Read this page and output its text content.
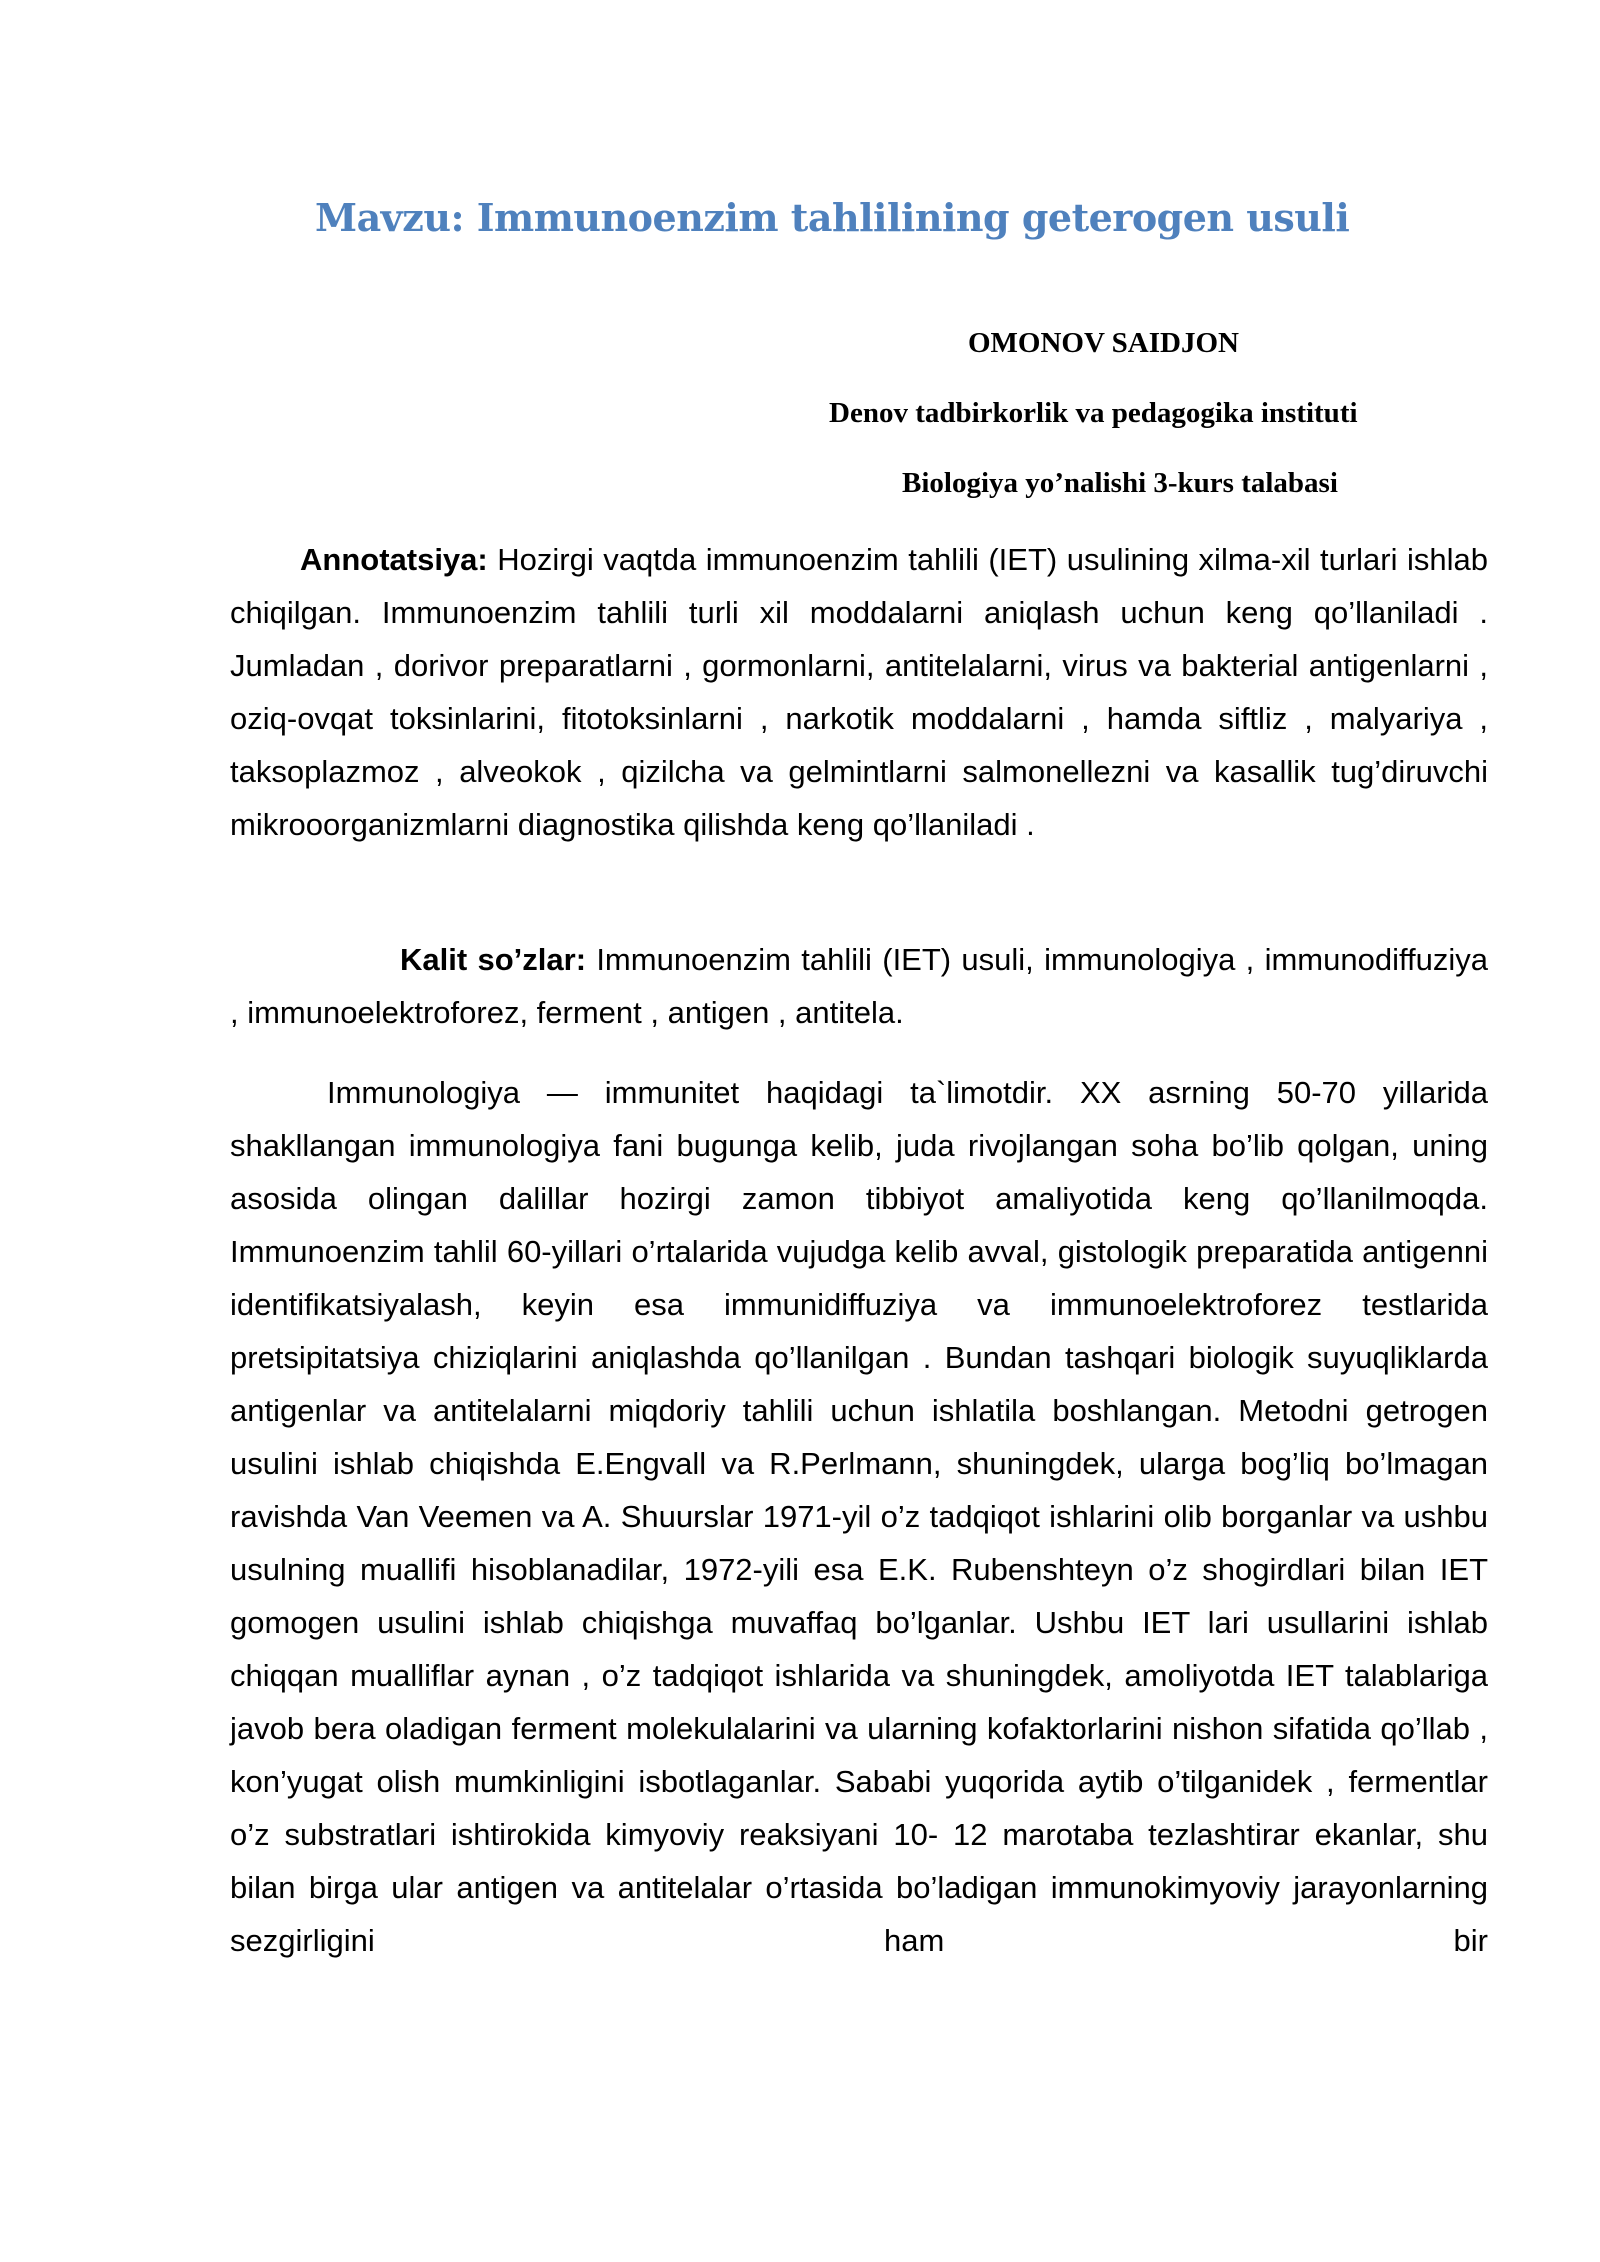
Mavzu: Immunoenzim tahlilining geterogen usuli
OMONOV SAIDJON
Denov tadbirkorlik va pedagogika instituti
Biologiya yo’nalishi 3-kurs talabasi

Annotatsiya: Hozirgi vaqtda immunoenzim tahlili (IET) usulining xilma-xil turlari ishlab chiqilgan. Immunoenzim tahlili turli xil moddalarni aniqlash uchun keng qo’llaniladi . Jumladan , dorivor preparatlarni , gormonlarni, antitelalarni, virus va bakterial antigenlarni , oziq-ovqat toksinlarini, fitotoksinlarni , narkotik moddalarni , hamda siftliz , malyariya , taksoplazmoz , alveokok , qizilcha va gelmintlarni salmonellezni va kasallik tug’diruvchi mikrooorganizmlarni diagnostika qilishda keng qo’llaniladi .

Kalit so’zlar: Immunoenzim tahlili (IET) usuli, immunologiya , immunodiffuziya , immunoelektroforez, ferment , antigen , antitela.

Immunologiya — immunitet haqidagi ta`limotdir. XX asrning 50-70 yillarida shakllangan immunologiya fani bugunga kelib, juda rivojlangan soha bo’lib qolgan, uning asosida olingan dalillar hozirgi zamon tibbiyot amaliyotida keng qo’llanilmoqda. Immunoenzim tahlil 60-yillari o’rtalarida vujudga kelib avval, gistologik preparatida antigenni identifikatsiyalash, keyin esa immunidiffuziya va immunoelektroforez testlarida pretsipitatsiya chiziqlarini aniqlashda qo’llanilgan . Bundan tashqari biologik suyuqliklarda antigenlar va antitelalarni miqdoriy tahlili uchun ishlatila boshlangan. Metodni getrogen usulini ishlab chiqishda E.Engvall va R.Perlmann, shuningdek, ularga bog’liq bo’lmagan ravishda Van Veemen va A. Shuurslar 1971-yil o’z tadqiqot ishlarini olib borganlar va ushbu usulning muallifi hisoblanadilar, 1972-yili esa E.K. Rubenshteyn o’z shogirdlari bilan IET gomogen usulini ishlab chiqishga muvaffaq bo’lganlar. Ushbu IET lari usullarini ishlab chiqqan mualliflar aynan , o’z tadqiqot ishlarida va shuningdek, amoliyotda IET talablariga javob bera oladigan ferment molekulalarini va ularning kofaktorlarini nishon sifatida qo’llab , kon’yugat olish mumkinligini isbotlaganlar. Sababi yuqorida aytib o’tilganidek , fermentlar o’z substratlari ishtirokida kimyoviy reaksiyani 10- 12 marotaba tezlashtirar ekanlar, shu bilan birga ular antigen va antitelalar o’rtasida bo’ladigan immunokimyoviy jarayonlarning sezgirligini ham bir
